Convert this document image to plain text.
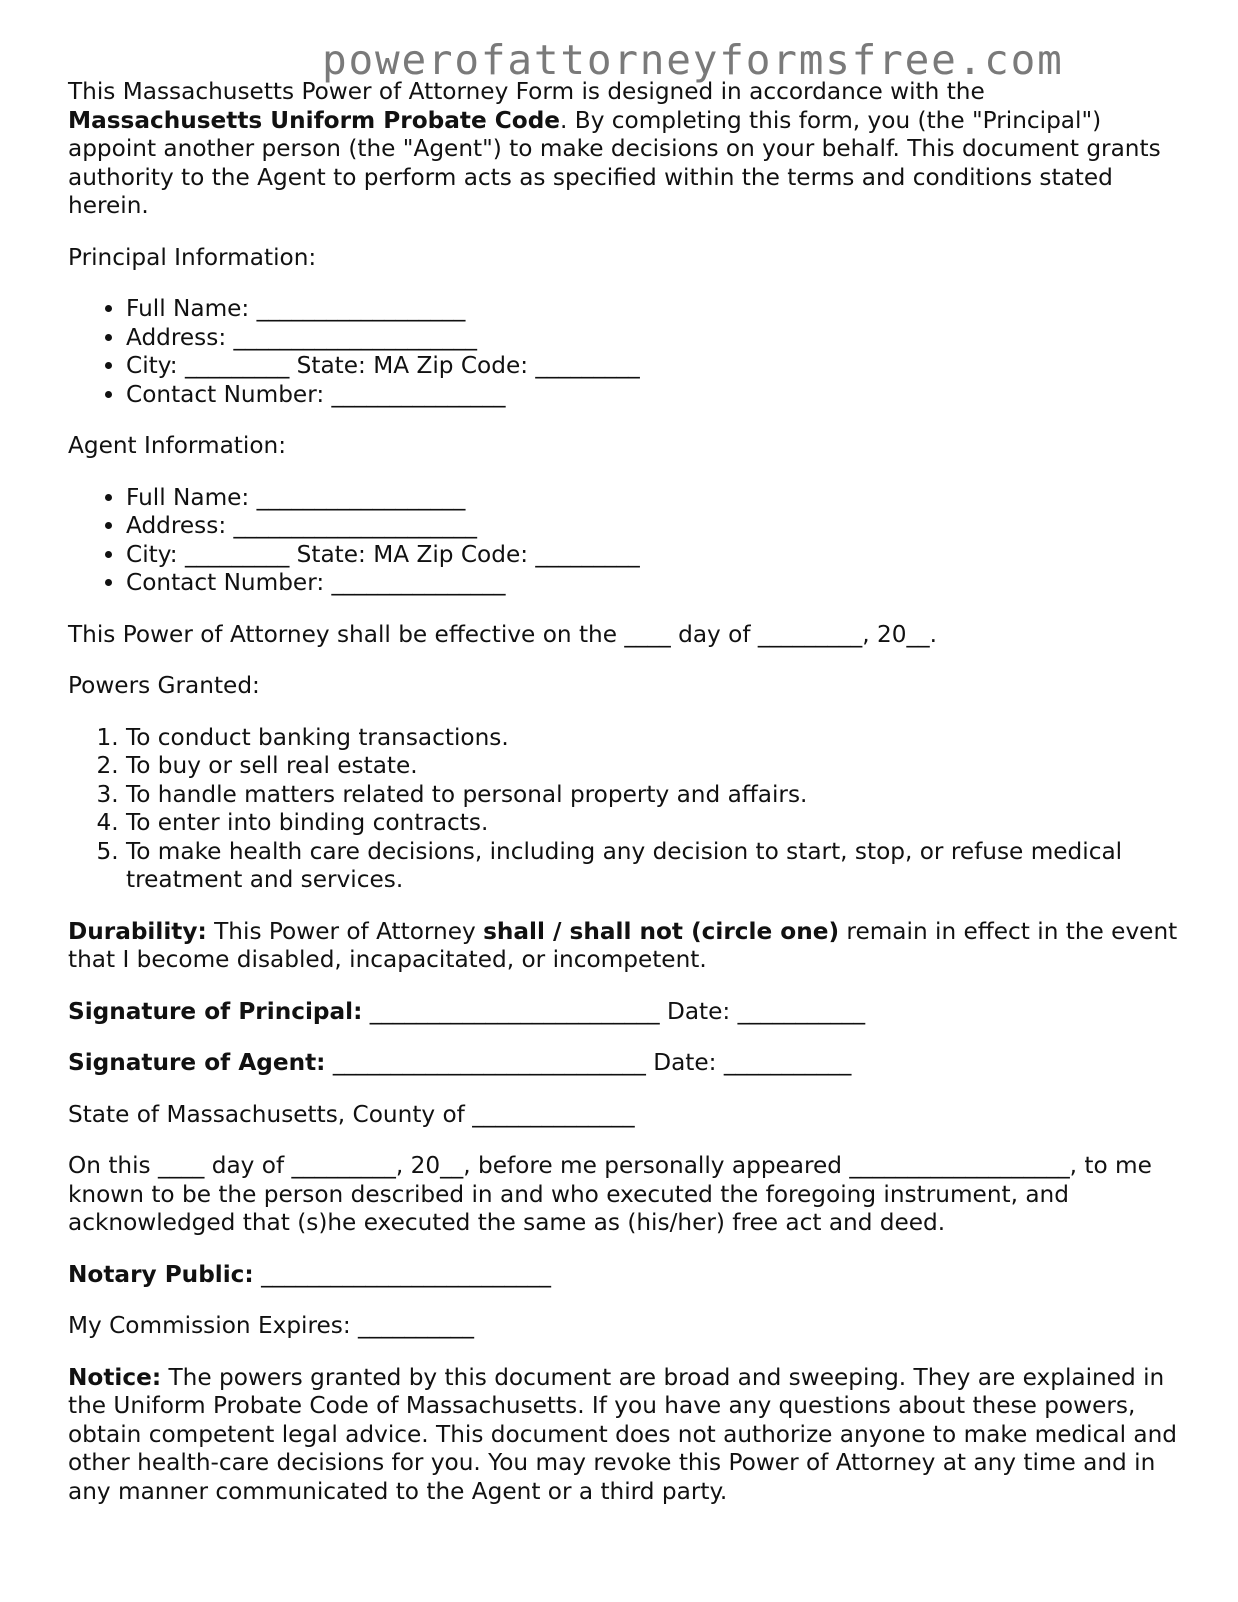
powerofattorneyformsfree.com

This Massachusetts Power of Attorney Form is designed in accordance with the Massachusetts Uniform Probate Code. By completing this form, you (the "Principal") appoint another person (the "Agent") to make decisions on your behalf. This document grants authority to the Agent to perform acts as specified within the terms and conditions stated herein.

Principal Information:

• Full Name: __________________
• Address: _____________________
• City: _________ State: MA Zip Code: _________
• Contact Number: _______________

Agent Information:

• Full Name: __________________
• Address: _____________________
• City: _________ State: MA Zip Code: _________
• Contact Number: _______________

This Power of Attorney shall be effective on the ____ day of _________, 20__.

Powers Granted:

1. To conduct banking transactions.
2. To buy or sell real estate.
3. To handle matters related to personal property and affairs.
4. To enter into binding contracts.
5. To make health care decisions, including any decision to start, stop, or refuse medical treatment and services.

Durability: This Power of Attorney shall / shall not (circle one) remain in effect in the event that I become disabled, incapacitated, or incompetent.

Signature of Principal: _________________________ Date: ___________

Signature of Agent: ___________________________ Date: ___________

State of Massachusetts, County of ______________

On this ____ day of _________, 20__, before me personally appeared ___________________, to me known to be the person described in and who executed the foregoing instrument, and acknowledged that (s)he executed the same as (his/her) free act and deed.

Notary Public: _________________________

My Commission Expires: __________

Notice: The powers granted by this document are broad and sweeping. They are explained in the Uniform Probate Code of Massachusetts. If you have any questions about these powers, obtain competent legal advice. This document does not authorize anyone to make medical and other health-care decisions for you. You may revoke this Power of Attorney at any time and in any manner communicated to the Agent or a third party.
